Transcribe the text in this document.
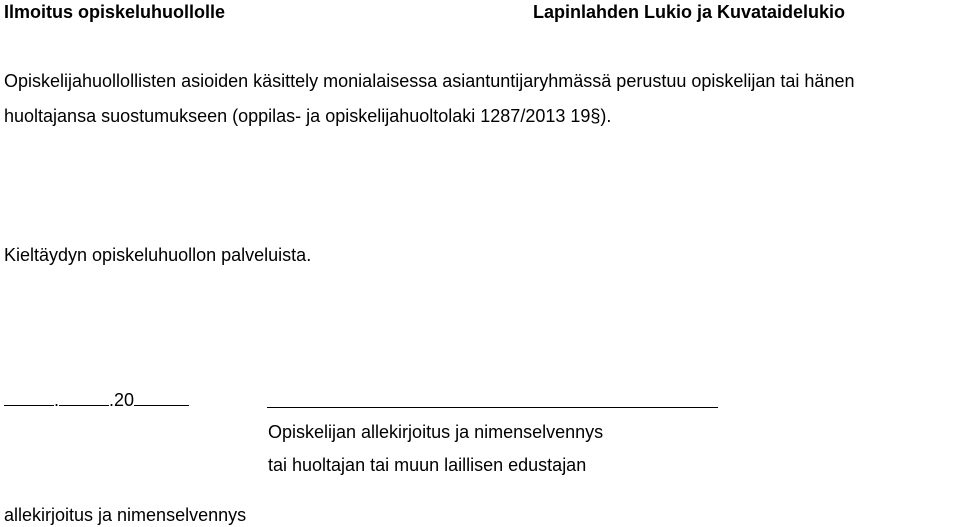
Ilmoitus opiskeluhuollolle	Lapinlahden Lukio ja Kuvataidelukio
Opiskelijahuollollisten asioiden käsittely monialaisessa asiantuntijaryhmässä perustuu opiskelijan tai hänen
huoltajansa suostumukseen (oppilas- ja opiskelijahuoltolaki 1287/2013 19§).
Kieltäydyn opiskeluhuollon palveluista.
.	.20
Opiskelijan allekirjoitus ja nimenselvennys
tai huoltajan tai muun laillisen edustajan
allekirjoitus ja nimenselvennys
